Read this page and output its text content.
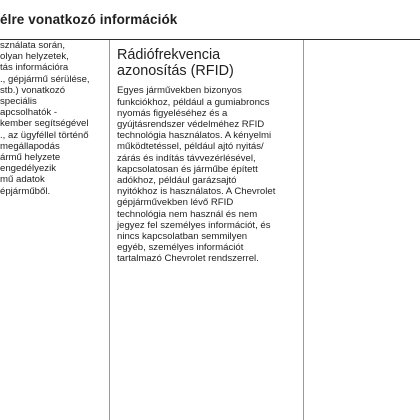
élre vonatkozó információk
sználata során,
olyan helyzetek,
tás információra
., gépjármű sérülése,
stb.) vonatkozó
speciális
apcsolhatók -
kember segítségével
., az ügyféllel történő
megállapodás
ármű helyzete
engedélyezik
mű adatok
épjárműből.
Rádiófrekvencia
azonosítás (RFID)
Egyes járművekben bizonyos
funkciókhoz, például a gumiabroncs
nyomás figyeléséhez és a
gyújtásrendszer védelméhez RFID
technológia használatos. A kényelmi
működtetéssel, például ajtó nyitás/
zárás és indítás távvezérlésével,
kapcsolatosan és járműbe épített
adókhoz, például garázsajtó
nyitókhoz is használatos. A Chevrolet
gépjárművekben lévő RFID
technológia nem használ és nem
jegyez fel személyes információt, és
nincs kapcsolatban semmilyen
egyéb, személyes információt
tartalmazó Chevrolet rendszerrel.
